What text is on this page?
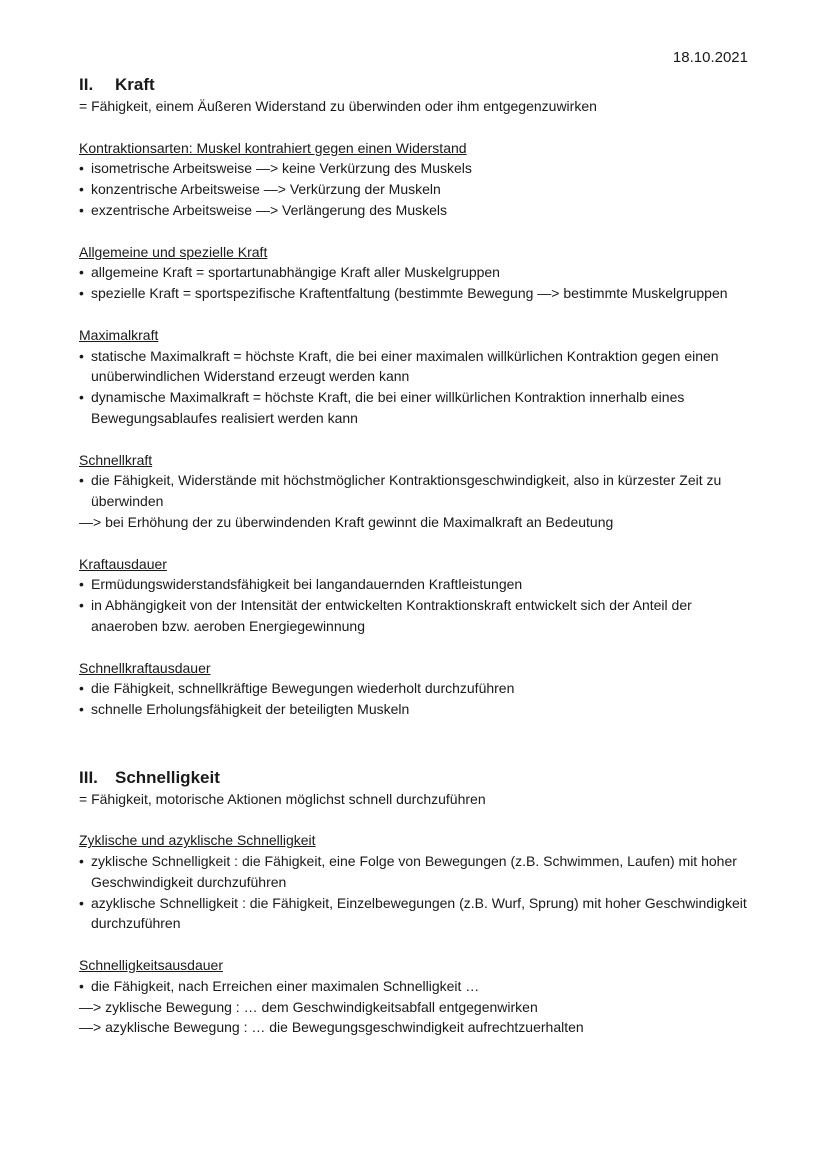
18.10.2021
II. Kraft
= Fähigkeit, einem Äußeren Widerstand zu überwinden oder ihm entgegenzuwirken
Kontraktionsarten: Muskel kontrahiert gegen einen Widerstand
• isometrische Arbeitsweise —> keine Verkürzung des Muskels
• konzentrische Arbeitsweise —> Verkürzung der Muskeln
• exzentrische Arbeitsweise —> Verlängerung des Muskels
Allgemeine und spezielle Kraft
• allgemeine Kraft = sportartunabhängige Kraft aller Muskelgruppen
• spezielle Kraft = sportspezifische Kraftentfaltung (bestimmte Bewegung —> bestimmte Muskelgruppen
Maximalkraft
• statische Maximalkraft = höchste Kraft, die bei einer maximalen willkürlichen Kontraktion gegen einen unüberwindlichen Widerstand erzeugt werden kann
• dynamische Maximalkraft = höchste Kraft, die bei einer willkürlichen Kontraktion innerhalb eines Bewegungsablaufes realisiert werden kann
Schnellkraft
• die Fähigkeit, Widerstände mit höchstmöglicher Kontraktionsgeschwindigkeit, also in kürzester Zeit zu überwinden
—> bei Erhöhung der zu überwindenden Kraft gewinnt die Maximalkraft an Bedeutung
Kraftausdauer
• Ermüdungswiderstandsfähigkeit bei langandauernden Kraftleistungen
• in Abhängigkeit von der Intensität der entwickelten Kontraktionskraft entwickelt sich der Anteil der anaeroben bzw. aeroben Energiegewinnung
Schnellkraftausdauer
• die Fähigkeit, schnellkräftige Bewegungen wiederholt durchzuführen
• schnelle Erholungsfähigkeit der beteiligten Muskeln
III. Schnelligkeit
= Fähigkeit, motorische Aktionen möglichst schnell durchzuführen
Zyklische und azyklische Schnelligkeit
• zyklische Schnelligkeit : die Fähigkeit, eine Folge von Bewegungen (z.B. Schwimmen, Laufen) mit hoher Geschwindigkeit durchzuführen
• azyklische Schnelligkeit : die Fähigkeit, Einzelbewegungen (z.B. Wurf, Sprung) mit hoher Geschwindigkeit durchzuführen
Schnelligkeitsausdauer
• die Fähigkeit, nach Erreichen einer maximalen Schnelligkeit …
—> zyklische Bewegung : … dem Geschwindigkeitsabfall entgegenwirken
—> azyklische Bewegung : … die Bewegungsgeschwindigkeit aufrechtzuerhalten
